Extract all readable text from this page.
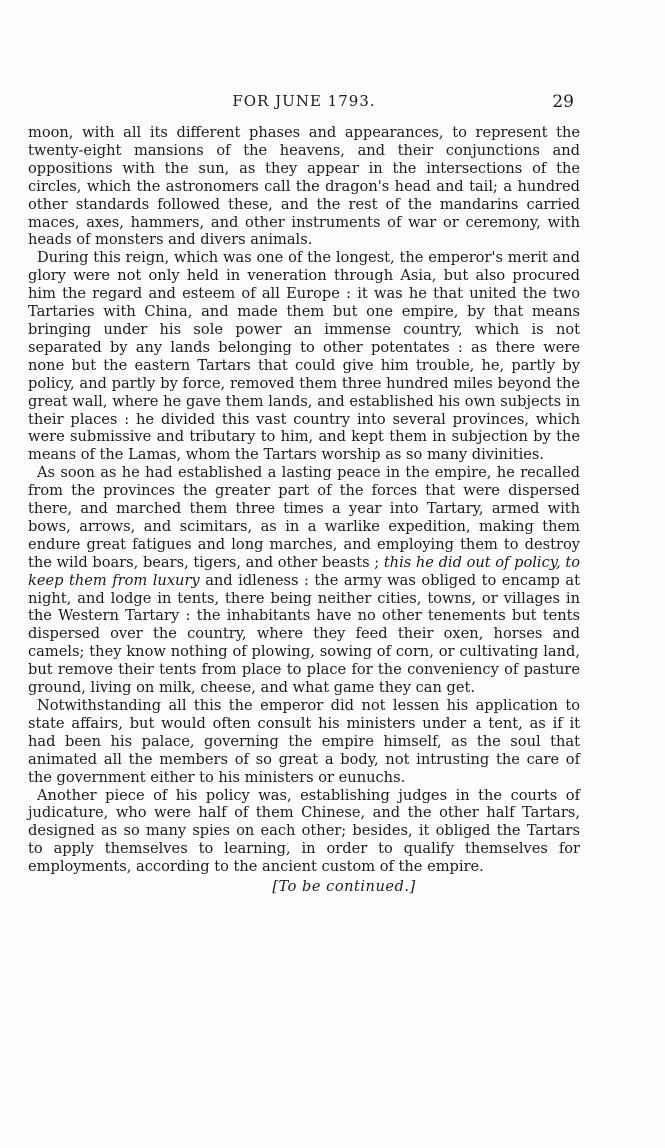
FOR JUNE 1793.	29

moon, with all its different phases and appearances, to represent the twenty-eight mansions of the heavens, and their conjunctions and oppositions with the sun, as they appear in the intersections of the circles, which the astronomers call the dragon's head and tail; a hundred other standards followed these, and the rest of the mandarins carried maces, axes, hammers, and other instruments of war or ceremony, with heads of monsters and divers animals.

During this reign, which was one of the longest, the emperor's merit and glory were not only held in veneration through Asia, but also procured him the regard and esteem of all Europe : it was he that united the two Tartaries with China, and made them but one empire, by that means bringing under his sole power an immense country, which is not separated by any lands belonging to other potentates : as there were none but the eastern Tartars that could give him trouble, he, partly by policy, and partly by force, removed them three hundred miles beyond the great wall, where he gave them lands, and established his own subjects in their places : he divided this vast country into several provinces, which were submissive and tributary to him, and kept them in subjection by the means of the Lamas, whom the Tartars worship as so many divinities.

As soon as he had established a lasting peace in the empire, he recalled from the provinces the greater part of the forces that were dispersed there, and marched them three times a year into Tartary, armed with bows, arrows, and scimitars, as in a warlike expedition, making them endure great fatigues and long marches, and employing them to destroy the wild boars, bears, tigers, and other beasts ; this he did out of policy, to keep them from luxury and idleness : the army was obliged to encamp at night, and lodge in tents, there being neither cities, towns, or villages in the Western Tartary : the inhabitants have no other tenements but tents dispersed over the country, where they feed their oxen, horses and camels; they know nothing of plowing, sowing of corn, or cultivating land, but remove their tents from place to place for the conveniency of pasture ground, living on milk, cheese, and what game they can get.

Notwithstanding all this the emperor did not lessen his application to state affairs, but would often consult his ministers under a tent, as if it had been his palace, governing the empire himself, as the soul that animated all the members of so great a body, not intrusting the care of the government either to his ministers or eunuchs.

Another piece of his policy was, establishing judges in the courts of judicature, who were half of them Chinese, and the other half Tartars, designed as so many spies on each other; besides, it obliged the Tartars to apply themselves to learning, in order to qualify themselves for employments, according to the ancient custom of the empire.

[To be continued.]
